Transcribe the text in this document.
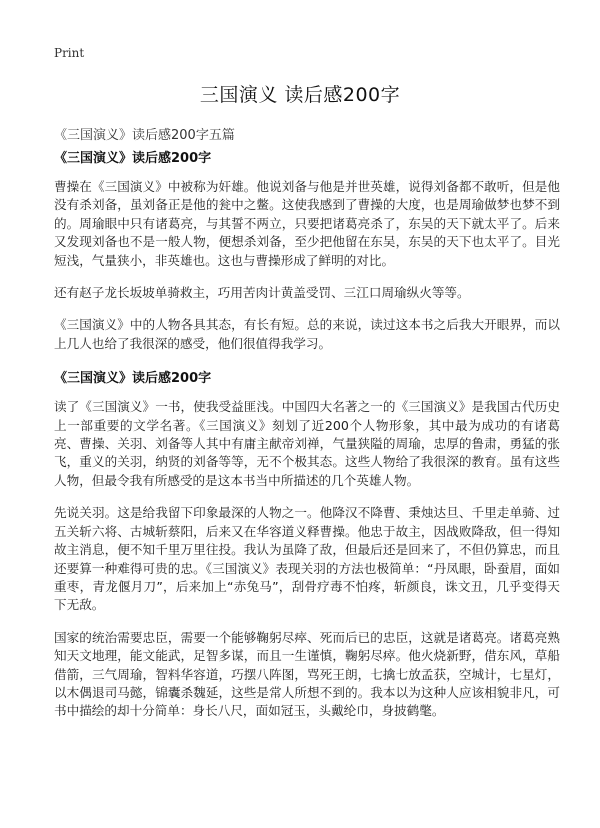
Print
三国演义 读后感200字
《三国演义》读后感200字五篇
《三国演义》读后感200字

曹操在《三国演义》中被称为奸雄。他说刘备与他是并世英雄，说得刘备都不敢听，但是他没有杀刘备，虽刘备正是他的瓮中之鳖。这使我感到了曹操的大度，也是周瑜做梦也梦不到的。周瑜眼中只有诸葛亮，与其誓不两立，只要把诸葛亮杀了，东吴的天下就太平了。后来又发现刘备也不是一般人物，便想杀刘备，至少把他留在东吴，东吴的天下也太平了。目光短浅，气量狭小，非英雄也。这也与曹操形成了鲜明的对比。

还有赵子龙长坂坡单骑救主，巧用苦肉计黄盖受罚、三江口周瑜纵火等等。

《三国演义》中的人物各具其态，有长有短。总的来说，读过这本书之后我大开眼界，而以上几人也给了我很深的感受，他们很值得我学习。

《三国演义》读后感200字

读了《三国演义》一书，使我受益匪浅。中国四大名著之一的《三国演义》是我国古代历史上一部重要的文学名著。《三国演义》刻划了近200个人物形象，其中最为成功的有诸葛亮、曹操、关羽、刘备等人其中有庸主献帝刘禅，气量狭隘的周瑜，忠厚的鲁肃，勇猛的张飞，重义的关羽，纳贤的刘备等等，无不个极其态。这些人物给了我很深的教育。虽有这些人物，但最令我有所感受的是这本书当中所描述的几个英雄人物。

先说关羽。这是给我留下印象最深的人物之一。他降汉不降曹、秉烛达旦、千里走单骑、过五关斩六将、古城斩蔡阳，后来又在华容道义释曹操。他忠于故主，因战败降敌，但一得知故主消息，便不知千里万里往投。我认为虽降了敌，但最后还是回来了，不但仍算忠，而且还要算一种难得可贵的忠。《三国演义》表现关羽的方法也极简单：“丹凤眼，卧蚕眉，面如重枣，青龙偃月刀”，后来加上“赤兔马”，刮骨疗毒不怕疼，斩颜良，诛文丑，几乎变得天下无敌。

国家的统治需要忠臣，需要一个能够鞠躬尽瘁、死而后已的忠臣，这就是诸葛亮。诸葛亮熟知天文地理，能文能武，足智多谋，而且一生谨慎，鞠躬尽瘁。他火烧新野，借东风，草船借箭，三气周瑜，智料华容道，巧摆八阵图，骂死王朗，七擒七放孟获，空城计，七星灯，以木偶退司马懿，锦囊杀魏延，这些是常人所想不到的。我本以为这种人应该相貌非凡，可书中描绘的却十分简单：身长八尺，面如冠玉，头戴纶巾，身披鹤氅。
